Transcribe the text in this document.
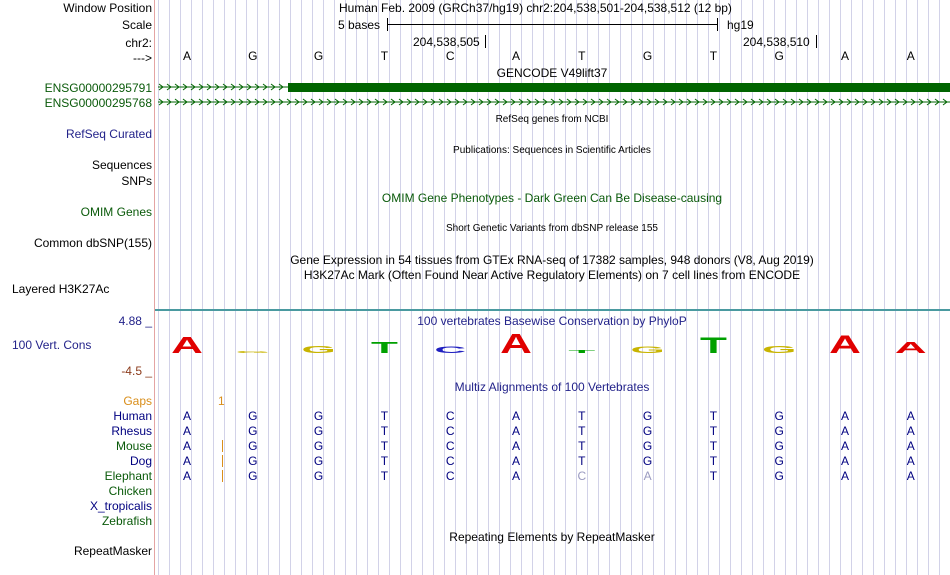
Window Position
Scale
chr2:
--->
ENSG00000295791
ENSG00000295768
RefSeq Curated
Sequences
SNPs
OMIM Genes
Common dbSNP(155)
Layered H3K27Ac
4.88 _
100 Vert. Cons
-4.5 _
Gaps
Human
Rhesus
Mouse
Dog
Elephant
Chicken
X_tropicalis
Zebrafish
RepeatMasker
Human Feb. 2009 (GRCh37/hg19) chr2:204,538,501-204,538,512 (12 bp)
5 bases	hg19
204,538,505	204,538,510
A	G	G	T	C	A	T	G	T	G	A	A
GENCODE V49lift37
RefSeq genes from NCBI
Publications: Sequences in Scientific Articles
OMIM Gene Phenotypes - Dark Green Can Be Disease-causing
Short Genetic Variants from dbSNP release 155
Gene Expression in 54 tissues from GTEx RNA-seq of 17382 samples, 948 donors (V8, Aug 2019)
H3K27Ac Mark (Often Found Near Active Regulatory Elements) on 7 cell lines from ENCODE
100 vertebrates Basewise Conservation by PhyloP
A G G T C A T G T G A A
Multiz Alignments of 100 Vertebrates
1
A	G	G	T	C	A	T	G	T	G	A	A
A	G	G	T	C	A	T	G	T	G	A	A
A	G	G	T	C	A	T	G	T	G	A	A
A	G	G	T	C	A	T	G	T	G	A	A
A	G	G	T	C	A	C	A	T	G	A	A
Repeating Elements by RepeatMasker
